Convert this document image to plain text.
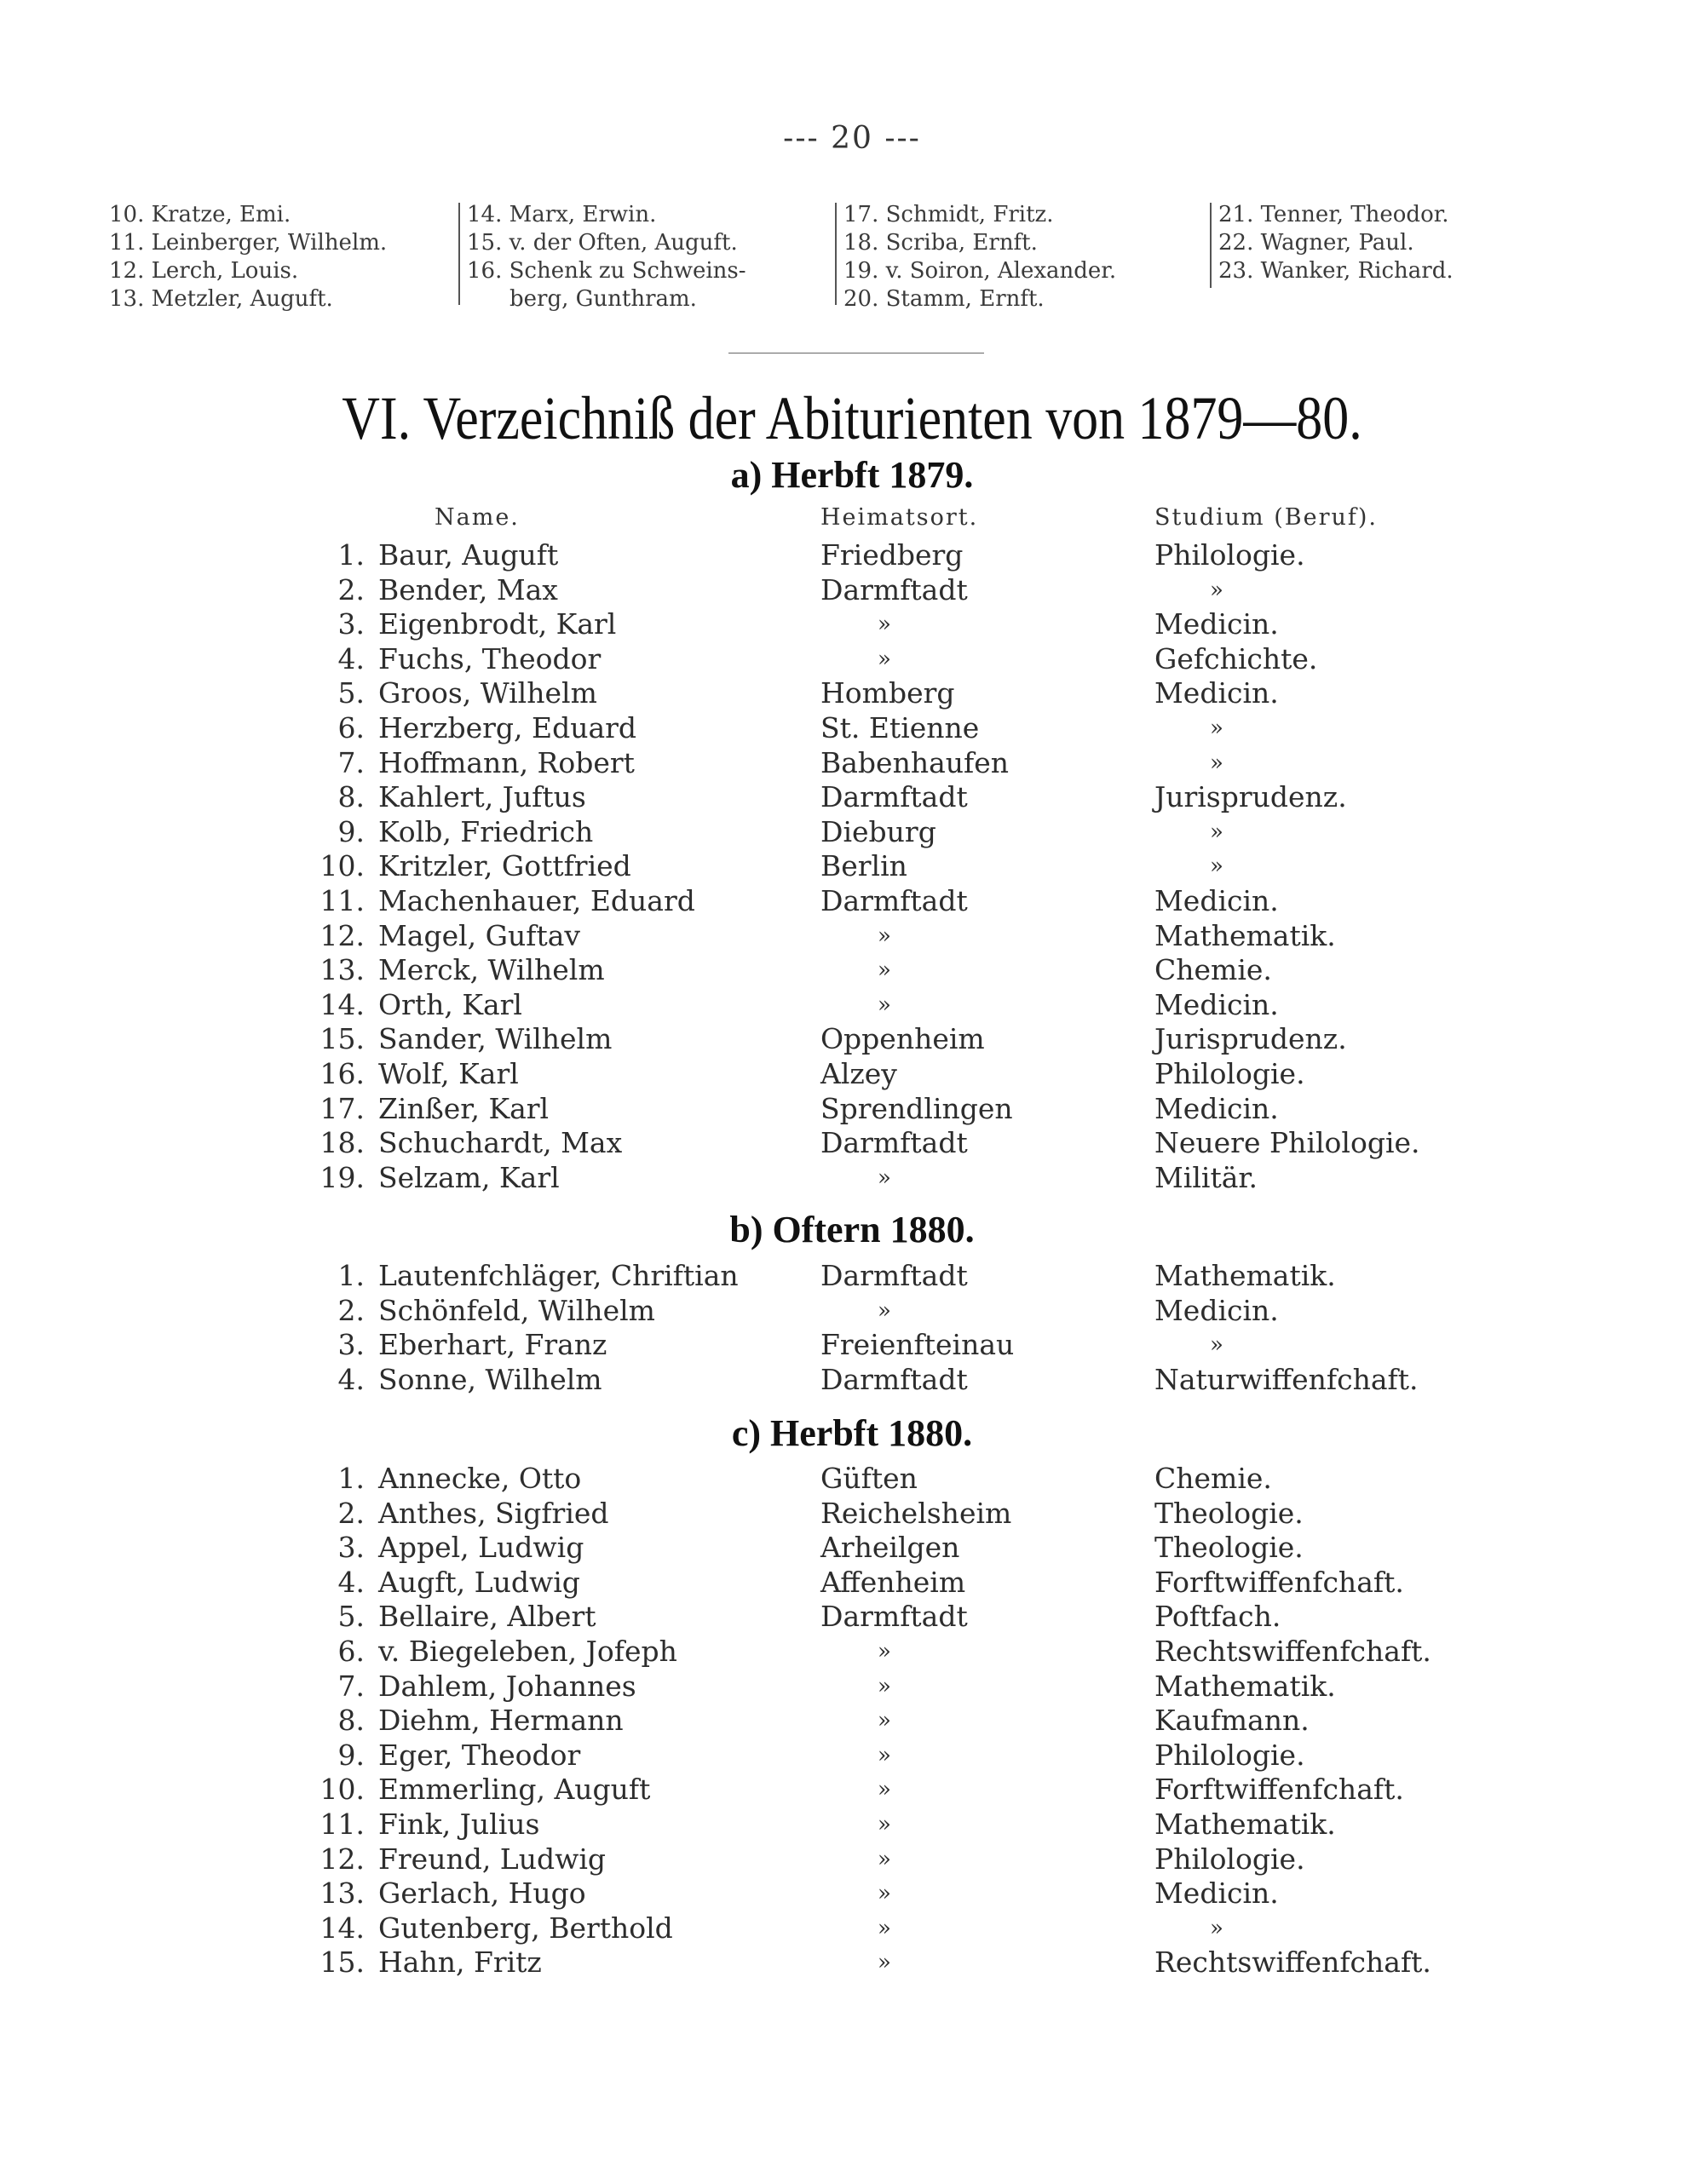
--- 20 ---
10. Kratze, Emi.
11. Leinberger, Wilhelm.
12. Lerch, Louis.
13. Metzler, Auguft.
14. Marx, Erwin.
15. v. der Often, Auguft.
16. Schenk zu Schweins-
berg, Gunthram.
17. Schmidt, Fritz.
18. Scriba, Ernft.
19. v. Soiron, Alexander.
20. Stamm, Ernft.
21. Tenner, Theodor.
22. Wagner, Paul.
23. Wanker, Richard.
VI. Verzeichniß der Abiturienten von 1879—80.
a) Herbft 1879.
Name.	Heimatsort.	Studium (Beruf).
1. Baur, Auguft	Friedberg	Philologie.
2. Bender, Max	Darmftadt	»
3. Eigenbrodt, Karl	»	Medicin.
4. Fuchs, Theodor	»	Gefchichte.
5. Groos, Wilhelm	Homberg	Medicin.
6. Herzberg, Eduard	St. Etienne	»
7. Hoffmann, Robert	Babenhaufen	»
8. Kahlert, Juftus	Darmftadt	Jurisprudenz.
9. Kolb, Friedrich	Dieburg	»
10. Kritzler, Gottfried	Berlin	»
11. Machenhauer, Eduard	Darmftadt	Medicin.
12. Magel, Guftav	»	Mathematik.
13. Merck, Wilhelm	»	Chemie.
14. Orth, Karl	»	Medicin.
15. Sander, Wilhelm	Oppenheim	Jurisprudenz.
16. Wolf, Karl	Alzey	Philologie.
17. Zinßer, Karl	Sprendlingen	Medicin.
18. Schuchardt, Max	Darmftadt	Neuere Philologie.
19. Selzam, Karl	»	Militär.
b) Oftern 1880.
1. Lautenfchläger, Chriftian	Darmftadt	Mathematik.
2. Schönfeld, Wilhelm	»	Medicin.
3. Eberhart, Franz	Freienfteinau	»
4. Sonne, Wilhelm	Darmftadt	Naturwiffenfchaft.
c) Herbft 1880.
1. Annecke, Otto	Güften	Chemie.
2. Anthes, Sigfried	Reichelsheim	Theologie.
3. Appel, Ludwig	Arheilgen	Theologie.
4. Augft, Ludwig	Affenheim	Forftwiffenfchaft.
5. Bellaire, Albert	Darmftadt	Poftfach.
6. v. Biegeleben, Jofeph	»	Rechtswiffenfchaft.
7. Dahlem, Johannes	»	Mathematik.
8. Diehm, Hermann	»	Kaufmann.
9. Eger, Theodor	»	Philologie.
10. Emmerling, Auguft	»	Forftwiffenfchaft.
11. Fink, Julius	»	Mathematik.
12. Freund, Ludwig	»	Philologie.
13. Gerlach, Hugo	»	Medicin.
14. Gutenberg, Berthold	»	»
15. Hahn, Fritz	»	Rechtswiffenfchaft.
